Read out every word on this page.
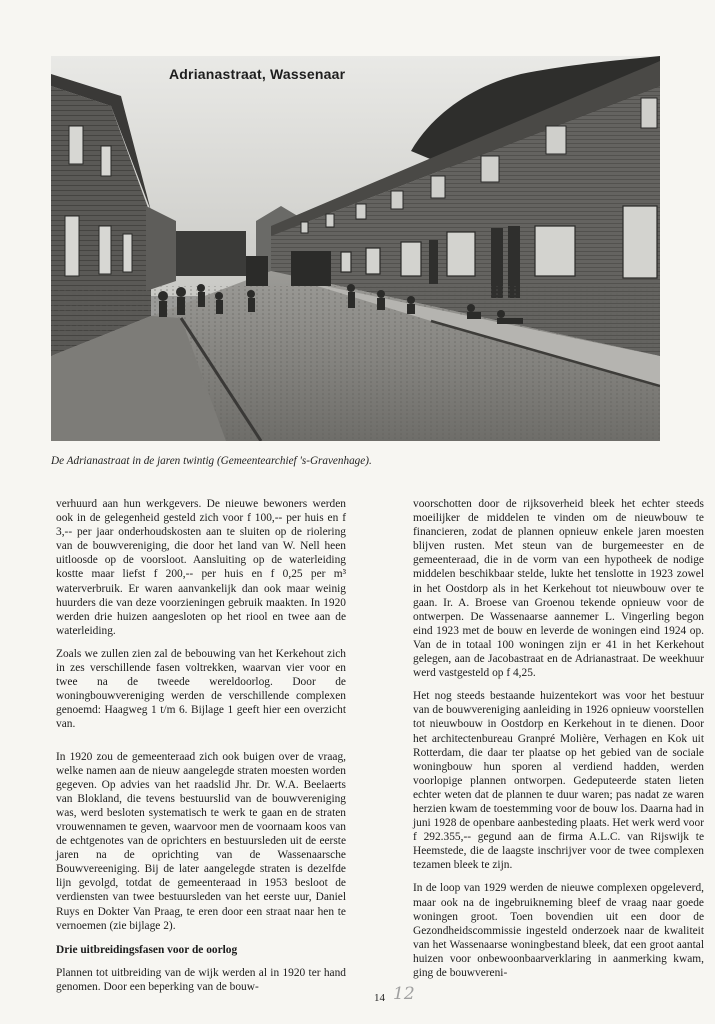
Adrianastraat, Wassenaar
De Adrianastraat in de jaren twintig (Gemeentearchief 's-Gravenhage).

verhuurd aan hun werkgevers. De nieuwe bewoners werden ook in de gelegenheid gesteld zich voor f 100,-- per huis en f 3,-- per jaar onderhoudskosten aan te sluiten op de riolering van de bouwvereniging, die door het land van W. Nell heen uitloosde op de voorsloot. Aansluiting op de waterleiding kostte maar liefst f 200,-- per huis en f 0,25 per m³ waterverbruik. Er waren aanvankelijk dan ook maar weinig huurders die van deze voorzieningen gebruik maakten. In 1920 werden drie huizen aangesloten op het riool en twee aan de waterleiding.

Zoals we zullen zien zal de bebouwing van het Kerkehout zich in zes verschillende fasen voltrekken, waarvan vier voor en twee na de tweede wereldoorlog. Door de woningbouwvereniging werden de verschillende complexen genoemd: Haagweg 1 t/m 6. Bijlage 1 geeft hier een overzicht van.

In 1920 zou de gemeenteraad zich ook buigen over de vraag, welke namen aan de nieuw aangelegde straten moesten worden gegeven. Op advies van het raadslid Jhr. Dr. W.A. Beelaerts van Blokland, die tevens bestuurslid van de bouwvereniging was, werd besloten systematisch te werk te gaan en de straten vrouwennamen te geven, waarvoor men de voornaam koos van de echtgenotes van de oprichters en bestuursleden uit de eerste jaren na de oprichting van de Wassenaarsche Bouwvereeniging. Bij de later aangelegde straten is dezelfde lijn gevolgd, totdat de gemeenteraad in 1953 besloot de verdiensten van twee bestuursleden van het eerste uur, Daniel Ruys en Dokter Van Praag, te eren door een straat naar hen te vernoemen (zie bijlage 2).

Drie uitbreidingsfasen voor de oorlog

Plannen tot uitbreiding van de wijk werden al in 1920 ter hand genomen. Door een beperking van de bouw-

voorschotten door de rijksoverheid bleek het echter steeds moeilijker de middelen te vinden om de nieuwbouw te financieren, zodat de plannen opnieuw enkele jaren moesten blijven rusten. Met steun van de burgemeester en de gemeenteraad, die in de vorm van een hypotheek de nodige middelen beschikbaar stelde, lukte het tenslotte in 1923 zowel in het Oostdorp als in het Kerkehout tot nieuwbouw over te gaan. Ir. A. Broese van Groenou tekende opnieuw voor de ontwerpen. De Wassenaarse aannemer L. Vingerling begon eind 1923 met de bouw en leverde de woningen eind 1924 op. Van de in totaal 100 woningen zijn er 41 in het Kerkehout gelegen, aan de Jacobastraat en de Adrianastraat. De weekhuur werd vastgesteld op f 4,25.

Het nog steeds bestaande huizentekort was voor het bestuur van de bouwvereniging aanleiding in 1926 opnieuw voorstellen tot nieuwbouw in Oostdorp en Kerkehout in te dienen. Door het architectenbureau Granpré Molière, Verhagen en Kok uit Rotterdam, die daar ter plaatse op het gebied van de sociale woningbouw hun sporen al verdiend hadden, werden voorlopige plannen ontworpen. Gedeputeerde staten lieten echter weten dat de plannen te duur waren; pas nadat ze waren herzien kwam de toestemming voor de bouw los. Daarna had in juni 1928 de openbare aanbesteding plaats. Het werk werd voor f 292.355,-- gegund aan de firma A.L.C. van Rijswijk te Heemstede, die de laagste inschrijver voor de twee complexen tezamen bleek te zijn.

In de loop van 1929 werden de nieuwe complexen opgeleverd, maar ook na de ingebruikneming bleef de vraag naar goede woningen groot. Toen bovendien uit een door de Gezondheidscommissie ingesteld onderzoek naar de kwaliteit van het Wassenaarse woningbestand bleek, dat een groot aantal huizen voor onbewoonbaarverklaring in aanmerking kwam, ging de bouwvereni-

14 12
